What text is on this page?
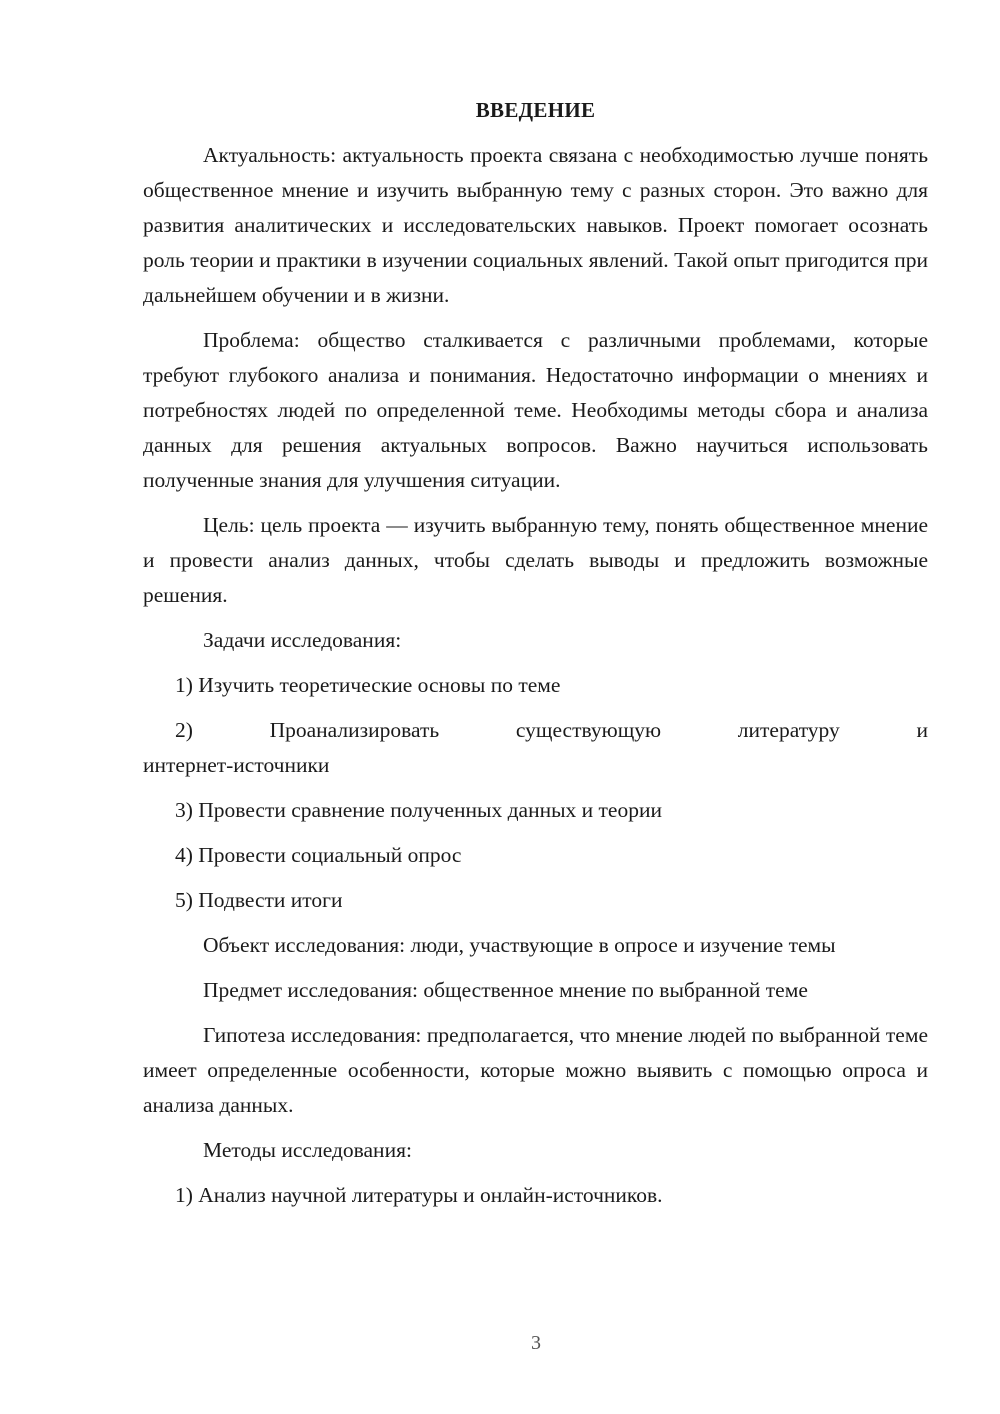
ВВЕДЕНИЕ

Актуальность: актуальность проекта связана с необходимостью лучше понять общественное мнение и изучить выбранную тему с разных сторон. Это важно для развития аналитических и исследовательских навыков. Проект помогает осознать роль теории и практики в изучении социальных явлений. Такой опыт пригодится при дальнейшем обучении и в жизни.

Проблема: общество сталкивается с различными проблемами, которые требуют глубокого анализа и понимания. Недостаточно информации о мнениях и потребностях людей по определенной теме. Необходимы методы сбора и анализа данных для решения актуальных вопросов. Важно научиться использовать полученные знания для улучшения ситуации.

Цель: цель проекта — изучить выбранную тему, понять общественное мнение и провести анализ данных, чтобы сделать выводы и предложить возможные решения.

Задачи исследования:

1) Изучить теоретические основы по теме

2)	Проанализировать	существующую	литературу	и
интернет-источники

3) Провести сравнение полученных данных и теории

4) Провести социальный опрос

5) Подвести итоги

Объект исследования: люди, участвующие в опросе и изучение темы

Предмет исследования: общественное мнение по выбранной теме

Гипотеза исследования: предполагается, что мнение людей по выбранной теме имеет определенные особенности, которые можно выявить с помощью опроса и анализа данных.

Методы исследования:

1) Анализ научной литературы и онлайн-источников.

3
